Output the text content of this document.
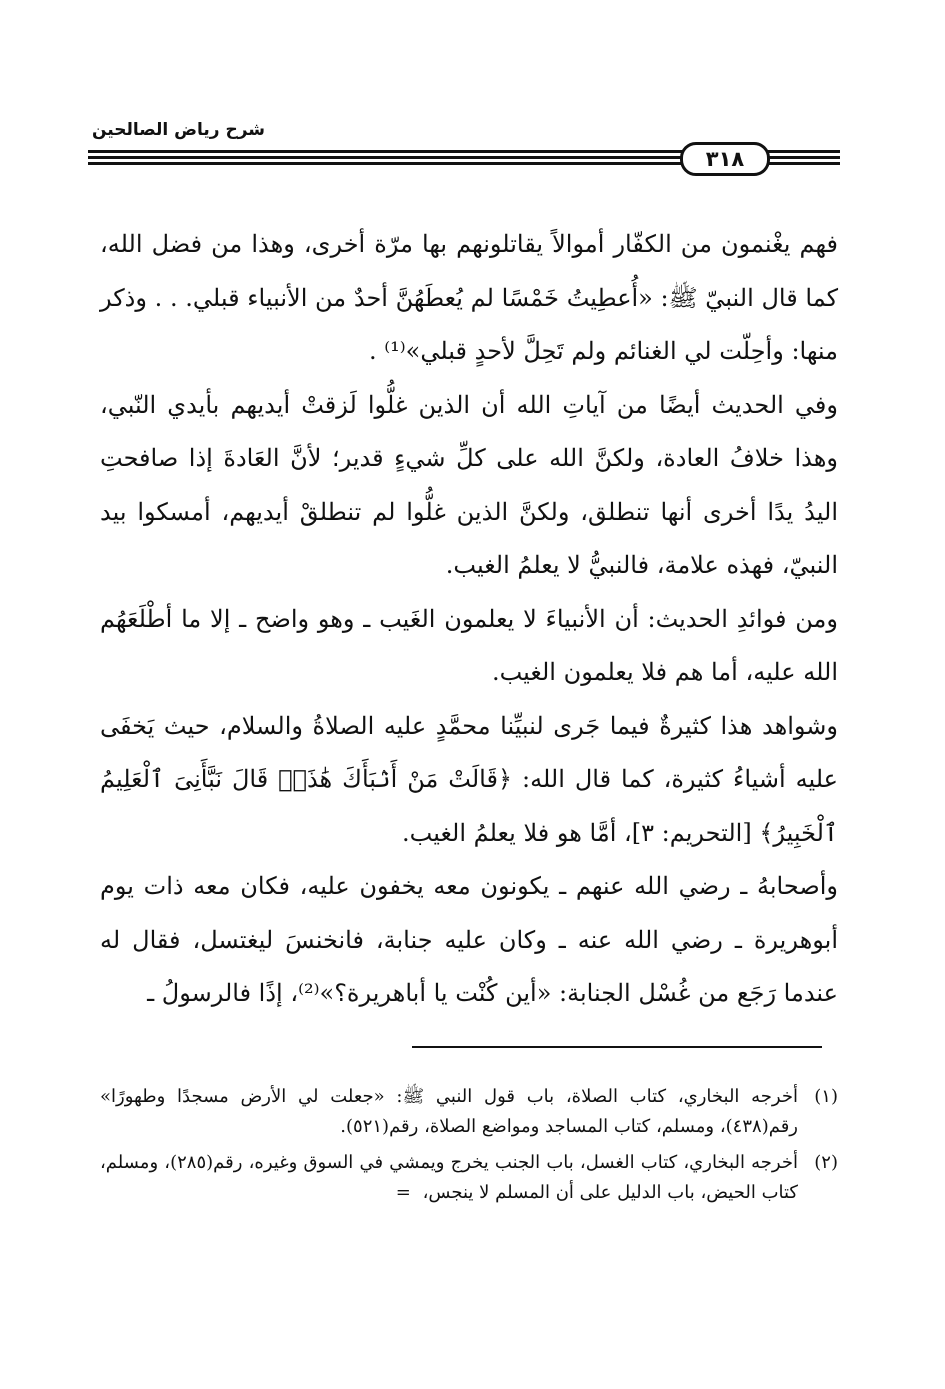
شرح رياض الصالحين
٣١٨

فهم يغْنمون من الكفّار أموالاً يقاتلونهم بها مرّة أخرى، وهذا من فضل الله، كما قال النبيّ ﷺ: «أُعطِيتُ خَمْسًا لم يُعطَهُنَّ أحدٌ من الأنبياء قبلي. . . وذكر منها: وأحِلّت لي الغنائم ولم تَحِلَّ لأحدٍ قبلي»⁽¹⁾ .

وفي الحديث أيضًا من آياتِ الله أن الذين غلُّوا لَزقتْ أيديهم بأيدي النّبي، وهذا خلافُ العادة، ولكنَّ الله على كلِّ شيءٍ قدير؛ لأنَّ العَادةَ إذا صافحتِ اليدُ يدًا أخرى أنها تنطلق، ولكنَّ الذين غلُّوا لم تنطلقْ أيديهم، أمسكوا بيد النبيّ، فهذه علامة، فالنبيُّ لا يعلمُ الغيب.

ومن فوائدِ الحديث: أن الأنبياءَ لا يعلمون الغَيب ـ وهو واضح ـ إلا ما أطْلَعَهُم الله عليه، أما هم فلا يعلمون الغيب.

وشواهد هذا كثيرةٌ فيما جَرى لنبيِّنا محمَّدٍ عليه الصلاةُ والسلام، حيث يَخفَى عليه أشياءُ كثيرة، كما قال الله: ﴿قَالَتْ مَنْ أَنۢبَأَكَ هَٰذَاۖ قَالَ نَبَّأَنِىَ ٱلْعَلِيمُ ٱلْخَبِيرُ﴾ [التحريم: ٣]، أمَّا هو فلا يعلمُ الغيب.

وأصحابهُ ـ رضي الله عنهم ـ يكونون معه يخفون عليه، فكان معه ذات يوم أبوهريرة ـ رضي الله عنه ـ وكان عليه جنابة، فانخنسَ ليغتسل، فقال له عندما رَجَع من غُسْل الجنابة: «أين كُنْت يا أباهريرة؟»⁽²⁾، إذًا فالرسولُ ـ

(١)
أخرجه البخاري، كتاب الصلاة، باب قول النبي ﷺ: «جعلت لي الأرض مسجدًا وطهورًا» رقم(٤٣٨)، ومسلم، كتاب المساجد ومواضع الصلاة، رقم(٥٢١).
(٢)
أخرجه البخاري، كتاب الغسل، باب الجنب يخرج ويمشي في السوق وغيره، رقم(٢٨٥)، ومسلم، كتاب الحيض، باب الدليل على أن المسلم لا ينجس، =
